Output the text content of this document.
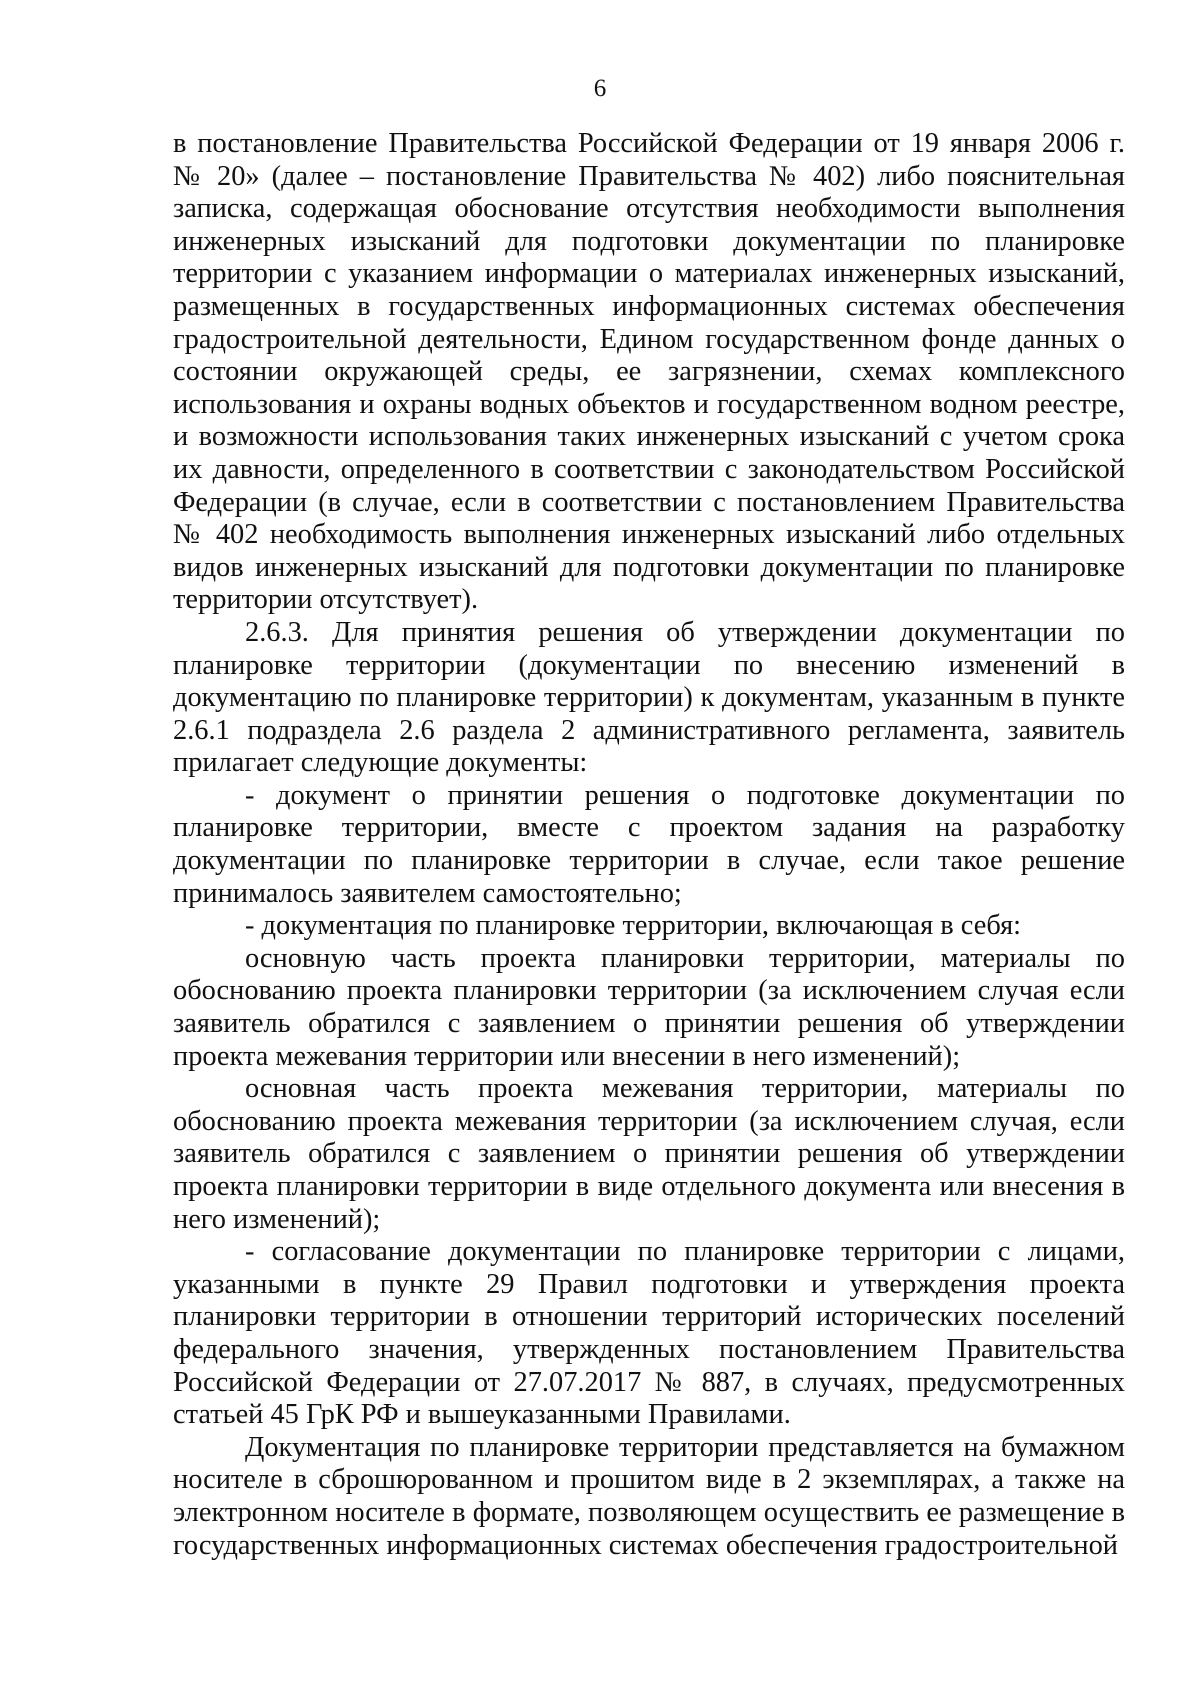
6

в постановление Правительства Российской Федерации от 19 января 2006 г. № 20» (далее – постановление Правительства № 402) либо пояснительная записка, содержащая обоснование отсутствия необходимости выполнения инженерных изысканий для подготовки документации по планировке территории с указанием информации о материалах инженерных изысканий, размещенных в государственных информационных системах обеспечения градостроительной деятельности, Едином государственном фонде данных о состоянии окружающей среды, ее загрязнении, схемах комплексного использования и охраны водных объектов и государственном водном реестре, и возможности использования таких инженерных изысканий с учетом срока их давности, определенного в соответствии с законодательством Российской Федерации (в случае, если в соответствии с постановлением Правительства № 402 необходимость выполнения инженерных изысканий либо отдельных видов инженерных изысканий для подготовки документации по планировке территории отсутствует).

2.6.3. Для принятия решения об утверждении документации по планировке территории (документации по внесению изменений в документацию по планировке территории) к документам, указанным в пункте 2.6.1 подраздела 2.6 раздела 2 административного регламента, заявитель прилагает следующие документы:

- документ о принятии решения о подготовке документации по планировке территории, вместе с проектом задания на разработку документации по планировке территории в случае, если такое решение принималось заявителем самостоятельно;

- документация по планировке территории, включающая в себя:

основную часть проекта планировки территории, материалы по обоснованию проекта планировки территории (за исключением случая если заявитель обратился с заявлением о принятии решения об утверждении проекта межевания территории или внесении в него изменений);

основная часть проекта межевания территории, материалы по обоснованию проекта межевания территории (за исключением случая, если заявитель обратился с заявлением о принятии решения об утверждении проекта планировки территории в виде отдельного документа или внесения в него изменений);

- согласование документации по планировке территории с лицами, указанными в пункте 29 Правил подготовки и утверждения проекта планировки территории в отношении территорий исторических поселений федерального значения, утвержденных постановлением Правительства Российской Федерации от 27.07.2017 № 887, в случаях, предусмотренных статьей 45 ГрК РФ и вышеуказанными Правилами.

Документация по планировке территории представляется на бумажном носителе в сброшюрованном и прошитом виде в 2 экземплярах, а также на электронном носителе в формате, позволяющем осуществить ее размещение в государственных информационных системах обеспечения градостроительной
